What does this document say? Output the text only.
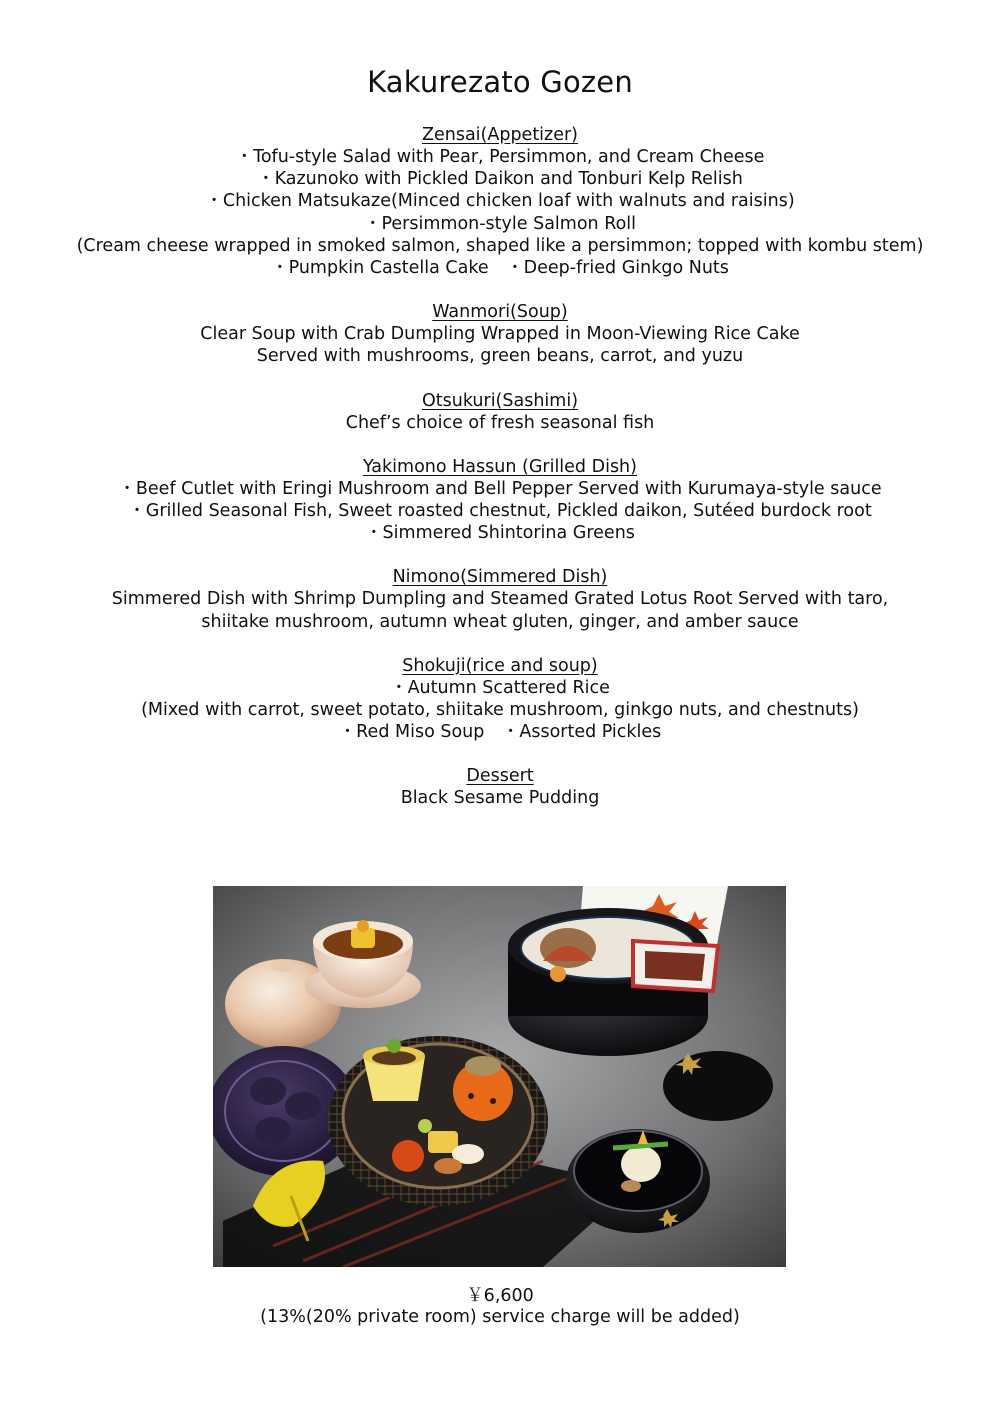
Kakurezato Gozen
Zensai(Appetizer)
・Tofu-style Salad with Pear, Persimmon, and Cream Cheese
・Kazunoko with Pickled Daikon and Tonburi Kelp Relish
・Chicken Matsukaze(Minced chicken loaf with walnuts and raisins)
・Persimmon-style Salmon Roll
(Cream cheese wrapped in smoked salmon, shaped like a persimmon; topped with kombu stem)
・Pumpkin Castella Cake　・Deep-fried Ginkgo Nuts
Wanmori(Soup)
Clear Soup with Crab Dumpling Wrapped in Moon-Viewing Rice Cake
Served with mushrooms, green beans, carrot, and yuzu
Otsukuri(Sashimi)
Chef’s choice of fresh seasonal fish
Yakimono Hassun (Grilled Dish)
・Beef Cutlet with Eringi Mushroom and Bell Pepper Served with Kurumaya-style sauce
・Grilled Seasonal Fish, Sweet roasted chestnut, Pickled daikon, Sutéed burdock root
・Simmered Shintorina Greens
Nimono(Simmered Dish)
Simmered Dish with Shrimp Dumpling and Steamed Grated Lotus Root Served with taro,
shiitake mushroom, autumn wheat gluten, ginger, and amber sauce
Shokuji(rice and soup)
・Autumn Scattered Rice
(Mixed with carrot, sweet potato, shiitake mushroom, ginkgo nuts, and chestnuts)
・Red Miso Soup　・Assorted Pickles
Dessert
Black Sesame Pudding
￥6,600
(13%(20% private room) service charge will be added)
